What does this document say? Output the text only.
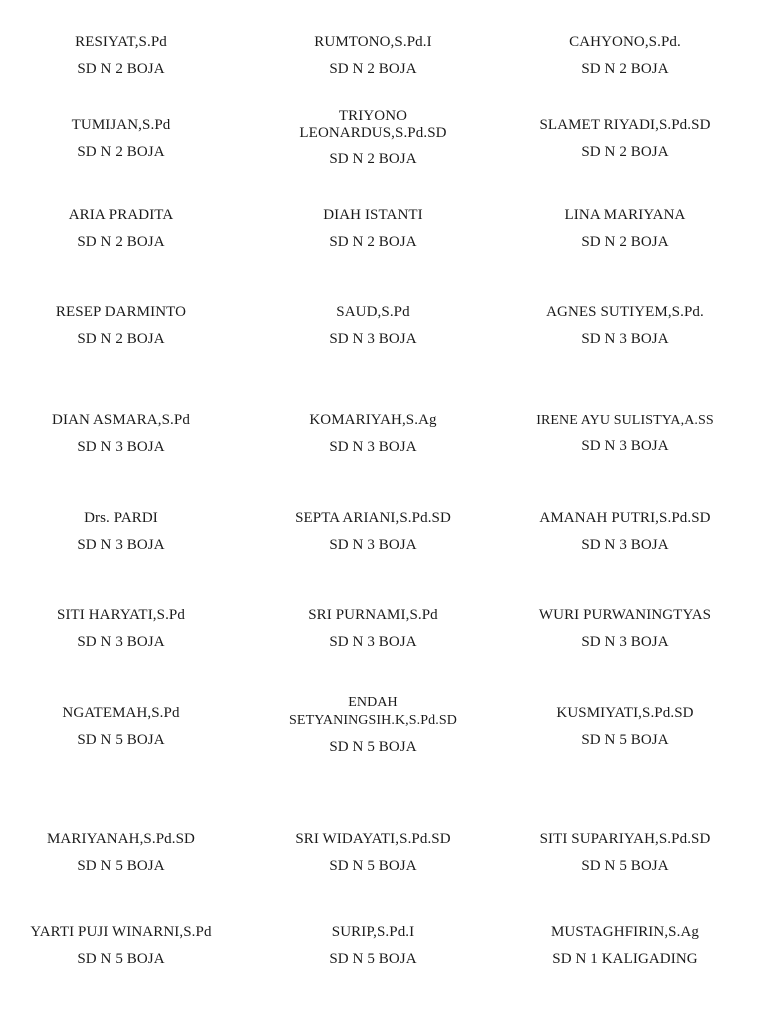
RESIYAT,S.Pd
SD N 2 BOJA
RUMTONO,S.Pd.I
SD N 2 BOJA
CAHYONO,S.Pd.
SD N 2 BOJA
TUMIJAN,S.Pd
SD N 2 BOJA
TRIYONO LEONARDUS,S.Pd.SD
SD N 2 BOJA
SLAMET RIYADI,S.Pd.SD
SD N 2 BOJA
ARIA PRADITA
SD N 2 BOJA
DIAH ISTANTI
SD N 2 BOJA
LINA MARIYANA
SD N 2 BOJA
RESEP DARMINTO
SD N 2 BOJA
SAUD,S.Pd
SD N 3 BOJA
AGNES SUTIYEM,S.Pd.
SD N 3 BOJA
DIAN ASMARA,S.Pd
SD N 3 BOJA
KOMARIYAH,S.Ag
SD N 3 BOJA
IRENE AYU SULISTYA,A.SS
SD N 3 BOJA
Drs. PARDI
SD N 3 BOJA
SEPTA ARIANI,S.Pd.SD
SD N 3 BOJA
AMANAH PUTRI,S.Pd.SD
SD N 3 BOJA
SITI HARYATI,S.Pd
SD N 3 BOJA
SRI PURNAMI,S.Pd
SD N 3 BOJA
WURI PURWANINGTYAS
SD N 3 BOJA
NGATEMAH,S.Pd
SD N 5 BOJA
ENDAH SETYANINGSIH.K,S.Pd.SD
SD N 5 BOJA
KUSMIYATI,S.Pd.SD
SD N 5 BOJA
MARIYANAH,S.Pd.SD
SD N 5 BOJA
SRI WIDAYATI,S.Pd.SD
SD N 5 BOJA
SITI SUPARIYAH,S.Pd.SD
SD N 5 BOJA
YARTI PUJI WINARNI,S.Pd
SD N 5 BOJA
SURIP,S.Pd.I
SD N 5 BOJA
MUSTAGHFIRIN,S.Ag
SD N 1 KALIGADING
